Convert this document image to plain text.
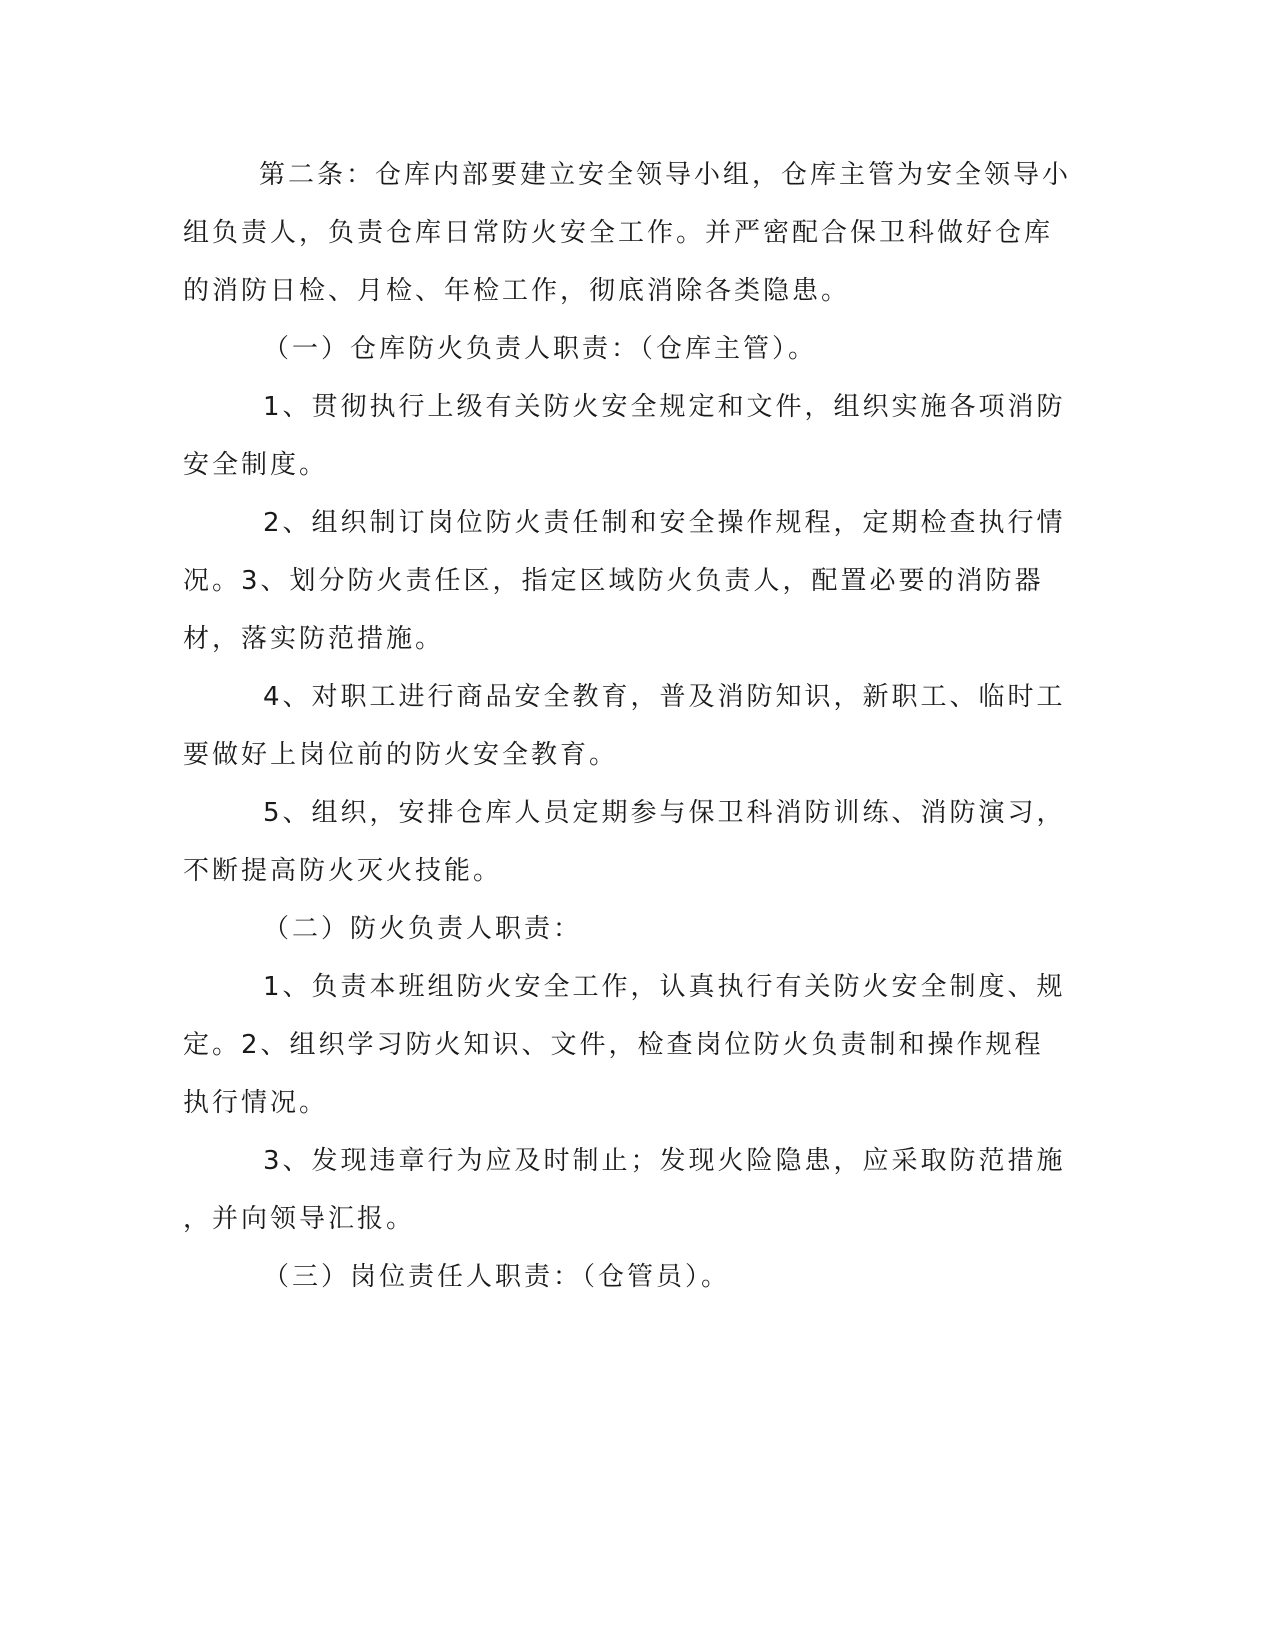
第二条：仓库内部要建立安全领导小组，仓库主管为安全领导小
组负责人，负责仓库日常防火安全工作。并严密配合保卫科做好仓库
的消防日检、月检、年检工作，彻底消除各类隐患。
（一）仓库防火负责人职责：（仓库主管）。
1、贯彻执行上级有关防火安全规定和文件，组织实施各项消防
安全制度。
2、组织制订岗位防火责任制和安全操作规程，定期检查执行情
况。3、划分防火责任区，指定区域防火负责人，配置必要的消防器
材，落实防范措施。
4、对职工进行商品安全教育，普及消防知识，新职工、临时工
要做好上岗位前的防火安全教育。
5、组织，安排仓库人员定期参与保卫科消防训练、消防演习，
不断提高防火灭火技能。
（二）防火负责人职责：
1、负责本班组防火安全工作，认真执行有关防火安全制度、规
定。2、组织学习防火知识、文件，检查岗位防火负责制和操作规程
执行情况。
3、发现违章行为应及时制止；发现火险隐患，应采取防范措施
，并向领导汇报。
（三）岗位责任人职责：（仓管员）。
